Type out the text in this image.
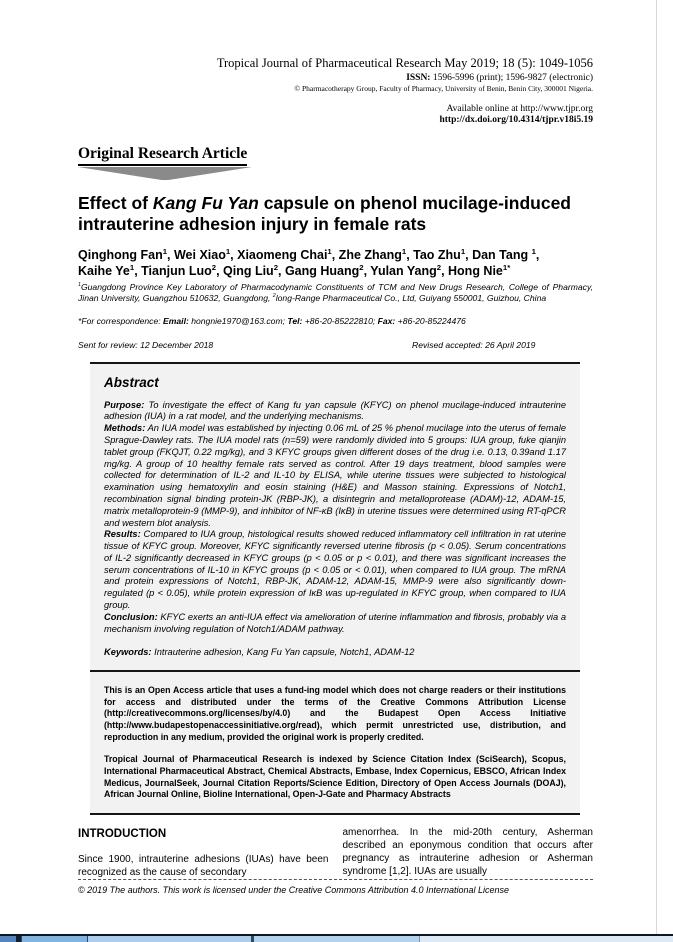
Tropical Journal of Pharmaceutical Research May 2019; 18 (5): 1049-1056
ISSN: 1596-5996 (print); 1596-9827 (electronic)
© Pharmacotherapy Group, Faculty of Pharmacy, University of Benin, Benin City, 300001 Nigeria.
Available online at http://www.tjpr.org
http://dx.doi.org/10.4314/tjpr.v18i5.19
Original Research Article
Effect of Kang Fu Yan capsule on phenol mucilage-induced intrauterine adhesion injury in female rats
Qinghong Fan$^1$, Wei Xiao$^1$, Xiaomeng Chai$^1$, Zhe Zhang$^1$, Tao Zhu$^1$, Dan Tang $^1$,
Kaihe Ye$^1$, Tianjun Luo$^2$, Qing Liu$^2$, Gang Huang$^2$, Yulan Yang$^2$, Hong Nie$^{1*}$
$^1$Guangdong Province Key Laboratory of Pharmacodynamic Constituents of TCM and New Drugs Research, College of Pharmacy, Jinan University, Guangzhou 510632, Guangdong, $^2$long-Range Pharmaceutical Co., Ltd, Guiyang 550001, Guizhou, China
*For correspondence: Email: hongnie1970@163.com; Tel: +86-20-85222810; Fax: +86-20-85224476
Sent for review: 12 December 2018	Revised accepted: 26 April 2019
Abstract

Purpose: To investigate the effect of Kang fu yan capsule (KFYC) on phenol mucilage-induced intrauterine adhesion (IUA) in a rat model, and the underlying mechanisms.

Methods: An IUA model was established by injecting 0.06 mL of 25 % phenol mucilage into the uterus of female Sprague-Dawley rats. The IUA model rats (n=59) were randomly divided into 5 groups: IUA group, fuke qianjin tablet group (FKQJT, 0.22 mg/kg), and 3 KFYC groups given different doses of the drug i.e. 0.13, 0.39and 1.17 mg/kg. A group of 10 healthy female rats served as control. After 19 days treatment, blood samples were collected for determination of IL-2 and IL-10 by ELISA, while uterine tissues were subjected to histological examination using hematoxylin and eosin staining (H&E) and Masson staining. Expressions of Notch1, recombination signal binding protein-JK (RBP-JK), a disintegrin and metalloprotease (ADAM)-12, ADAM-15, matrix metalloprotein-9 (MMP-9), and inhibitor of NF-κB (IκB) in uterine tissues were determined using RT-qPCR and western blot analysis.

Results: Compared to IUA group, histological results showed reduced inflammatory cell infiltration in rat uterine tissue of KFYC group. Moreover, KFYC significantly reversed uterine fibrosis (p < 0.05). Serum concentrations of IL-2 significantly decreased in KFYC groups (p < 0.05 or p < 0.01), and there was significant increases the serum concentrations of IL-10 in KFYC groups (p < 0.05 or < 0.01), when compared to IUA group. The mRNA and protein expressions of Notch1, RBP-JK, ADAM-12, ADAM-15, MMP-9 were also significantly down-regulated (p < 0.05), while protein expression of IκB was up-regulated in KFYC group, when compared to IUA group.

Conclusion: KFYC exerts an anti-IUA effect via amelioration of uterine inflammation and fibrosis, probably via a mechanism involving regulation of Notch1/ADAM pathway.

Keywords: Intrauterine adhesion, Kang Fu Yan capsule, Notch1, ADAM-12

This is an Open Access article that uses a fund-ing model which does not charge readers or their institutions for access and distributed under the terms of the Creative Commons Attribution License (http://creativecommons.org/licenses/by/4.0) and the Budapest Open Access Initiative (http://www.budapestopenaccessinitiative.org/read), which permit unrestricted use, distribution, and reproduction in any medium, provided the original work is properly credited.

Tropical Journal of Pharmaceutical Research is indexed by Science Citation Index (SciSearch), Scopus, International Pharmaceutical Abstract, Chemical Abstracts, Embase, Index Copernicus, EBSCO, African Index Medicus, JournalSeek, Journal Citation Reports/Science Edition, Directory of Open Access Journals (DOAJ), African Journal Online, Bioline International, Open-J-Gate and Pharmacy Abstracts

INTRODUCTION

Since 1900, intrauterine adhesions (IUAs) have been recognized as the cause of secondary

amenorrhea. In the mid-20th century, Asherman described an eponymous condition that occurs after pregnancy as intrauterine adhesion or Asherman syndrome [1,2]. IUAs are usually

© 2019 The authors. This work is licensed under the Creative Commons Attribution 4.0 International License
